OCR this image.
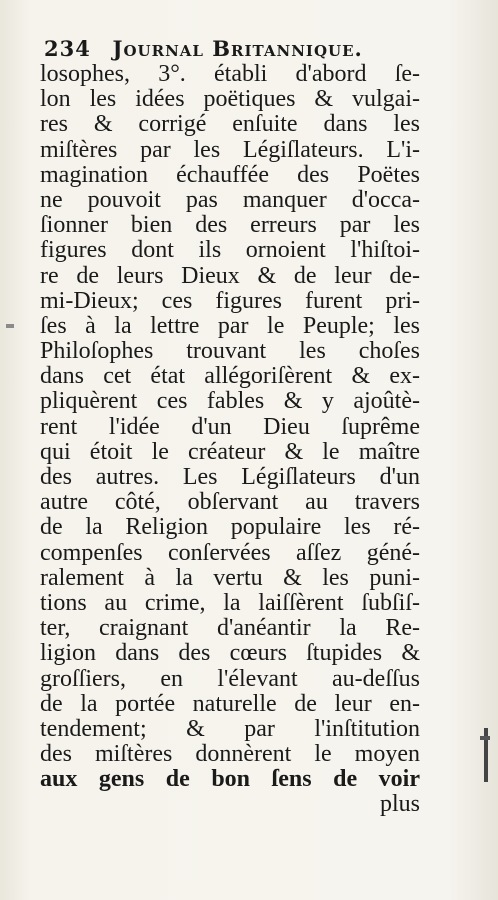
234 Journal Britannique.
losophes, 3°. établi d'abord ſe-
lon les idées poëtiques & vulgai-
res & corrigé enſuite dans les
miſtères par les Légiſlateurs. L'i-
magination échauffée des Poëtes
ne pouvoit pas manquer d'occa-
ſionner bien des erreurs par les
figures dont ils ornoient l'hiſtoi-
re de leurs Dieux & de leur de-
mi-Dieux; ces figures furent pri-
ſes à la lettre par le Peuple; les
Philoſophes trouvant les choſes
dans cet état allégoriſèrent & ex-
pliquèrent ces fables & y ajoûtè-
rent l'idée d'un Dieu ſuprême
qui étoit le créateur & le maître
des autres. Les Légiſlateurs d'un
autre côté, obſervant au travers
de la Religion populaire les ré-
compenſes conſervées aſſez géné-
ralement à la vertu & les puni-
tions au crime, la laiſſèrent ſubſiſ-
ter, craignant d'anéantir la Re-
ligion dans des cœurs ſtupides &
groſſiers, en l'élevant au-deſſus
de la portée naturelle de leur en-
tendement; & par l'inſtitution
des miſtères donnèrent le moyen
aux gens de bon ſens de voir
plus
